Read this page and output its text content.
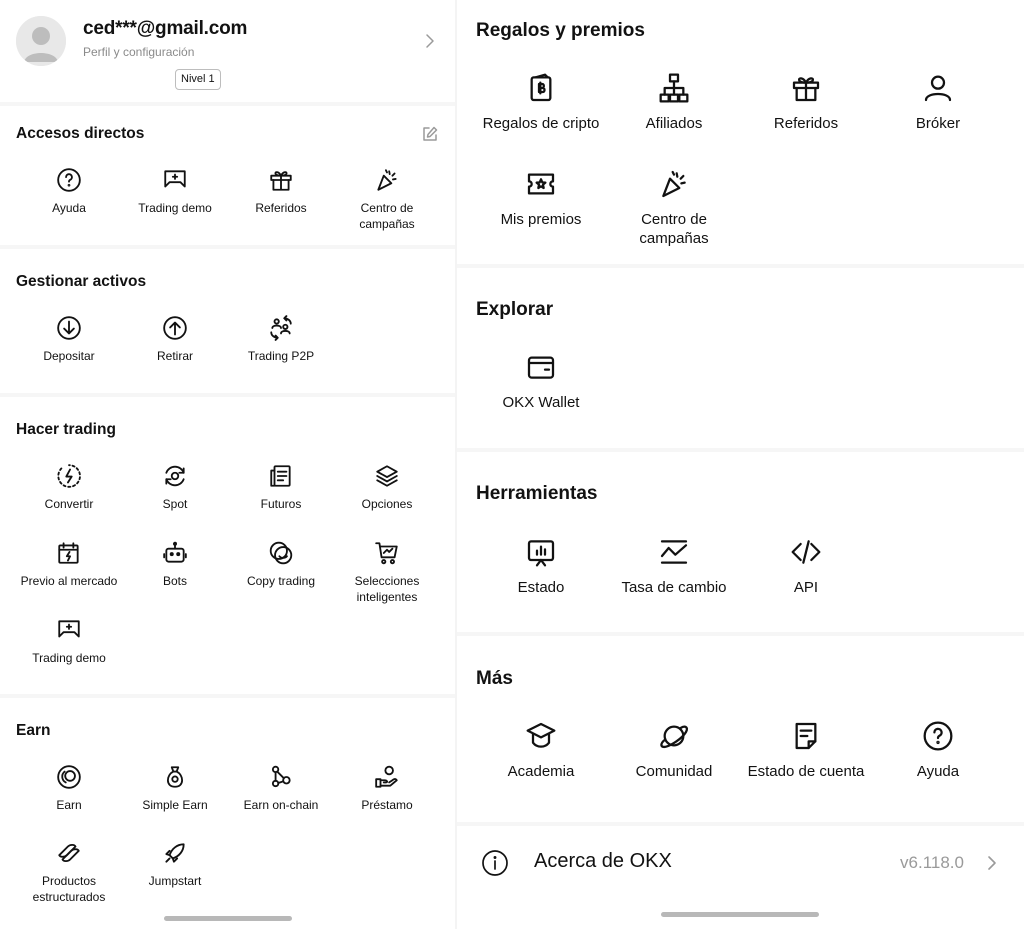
ced***@gmail.com
Perfil y configuración
Nivel 1
Accesos directos
Ayuda	Trading demo	Referidos	Centro de campañas
Gestionar activos
Depositar	Retirar	Trading P2P
Hacer trading
Convertir	Spot	Futuros	Opciones
Previo al mercado	Bots	Copy trading	Selecciones inteligentes
Trading demo
Earn
Earn	Simple Earn	Earn on-chain	Préstamo
Productos estructurados
Jumpstart
Regalos y premios
Regalos de cripto	Afiliados	Referidos	Bróker
Mis premios	Centro de campañas
Explorar
OKX Wallet
Herramientas
Estado	Tasa de cambio	API
Más
Academia	Comunidad	Estado de cuenta	Ayuda
Acerca de OKX	v6.118.0
